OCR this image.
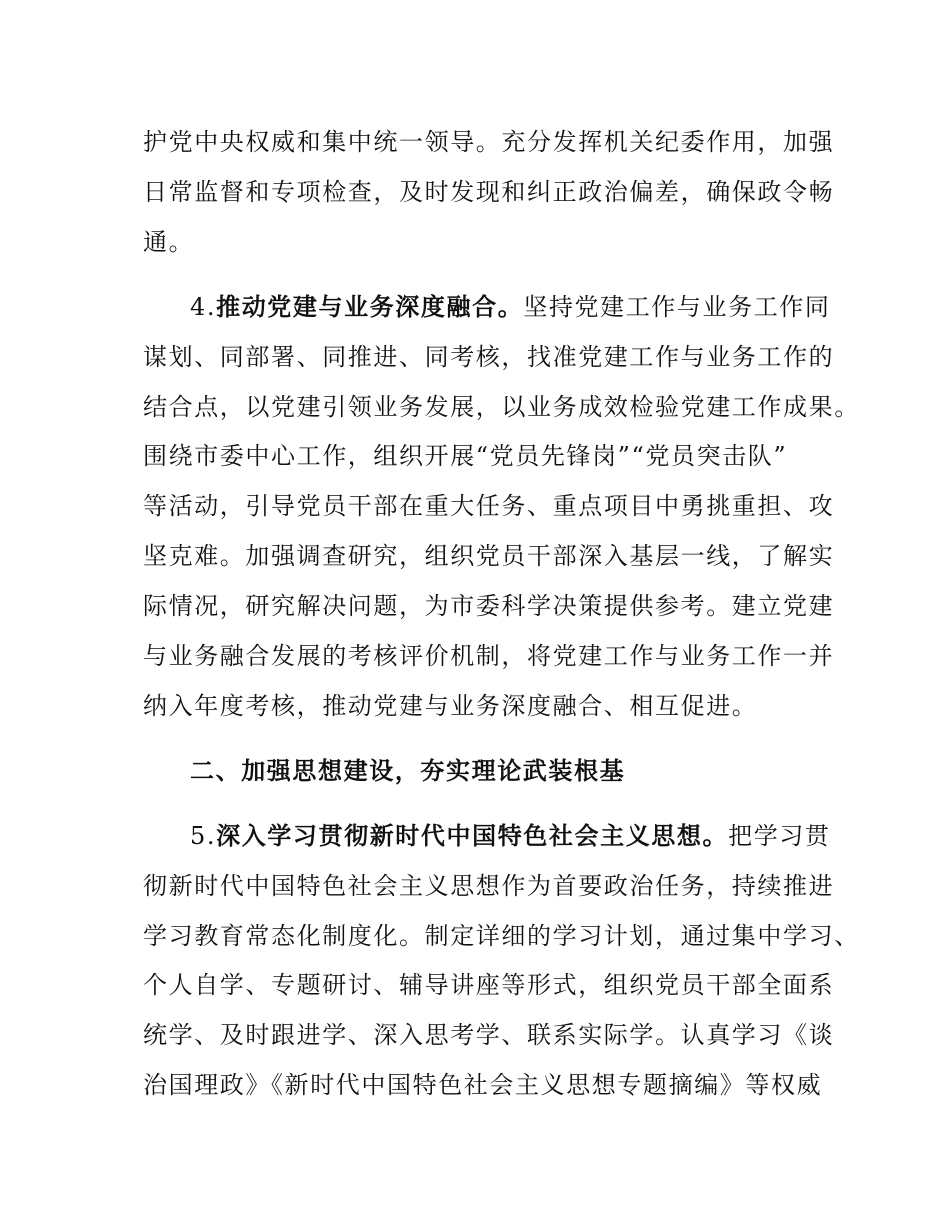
护党中央权威和集中统一领导。充分发挥机关纪委作用，加强
日常监督和专项检查，及时发现和纠正政治偏差，确保政令畅
通。
4.推动党建与业务深度融合。坚持党建工作与业务工作同
谋划、同部署、同推进、同考核，找准党建工作与业务工作的
结合点，以党建引领业务发展，以业务成效检验党建工作成果。
围绕市委中心工作，组织开展“党员先锋岗”“党员突击队”
等活动，引导党员干部在重大任务、重点项目中勇挑重担、攻
坚克难。加强调查研究，组织党员干部深入基层一线，了解实
际情况，研究解决问题，为市委科学决策提供参考。建立党建
与业务融合发展的考核评价机制，将党建工作与业务工作一并
纳入年度考核，推动党建与业务深度融合、相互促进。
二、加强思想建设，夯实理论武装根基
5.深入学习贯彻新时代中国特色社会主义思想。把学习贯
彻新时代中国特色社会主义思想作为首要政治任务，持续推进
学习教育常态化制度化。制定详细的学习计划，通过集中学习、
个人自学、专题研讨、辅导讲座等形式，组织党员干部全面系
统学、及时跟进学、深入思考学、联系实际学。认真学习《谈
治国理政》《新时代中国特色社会主义思想专题摘编》等权威
